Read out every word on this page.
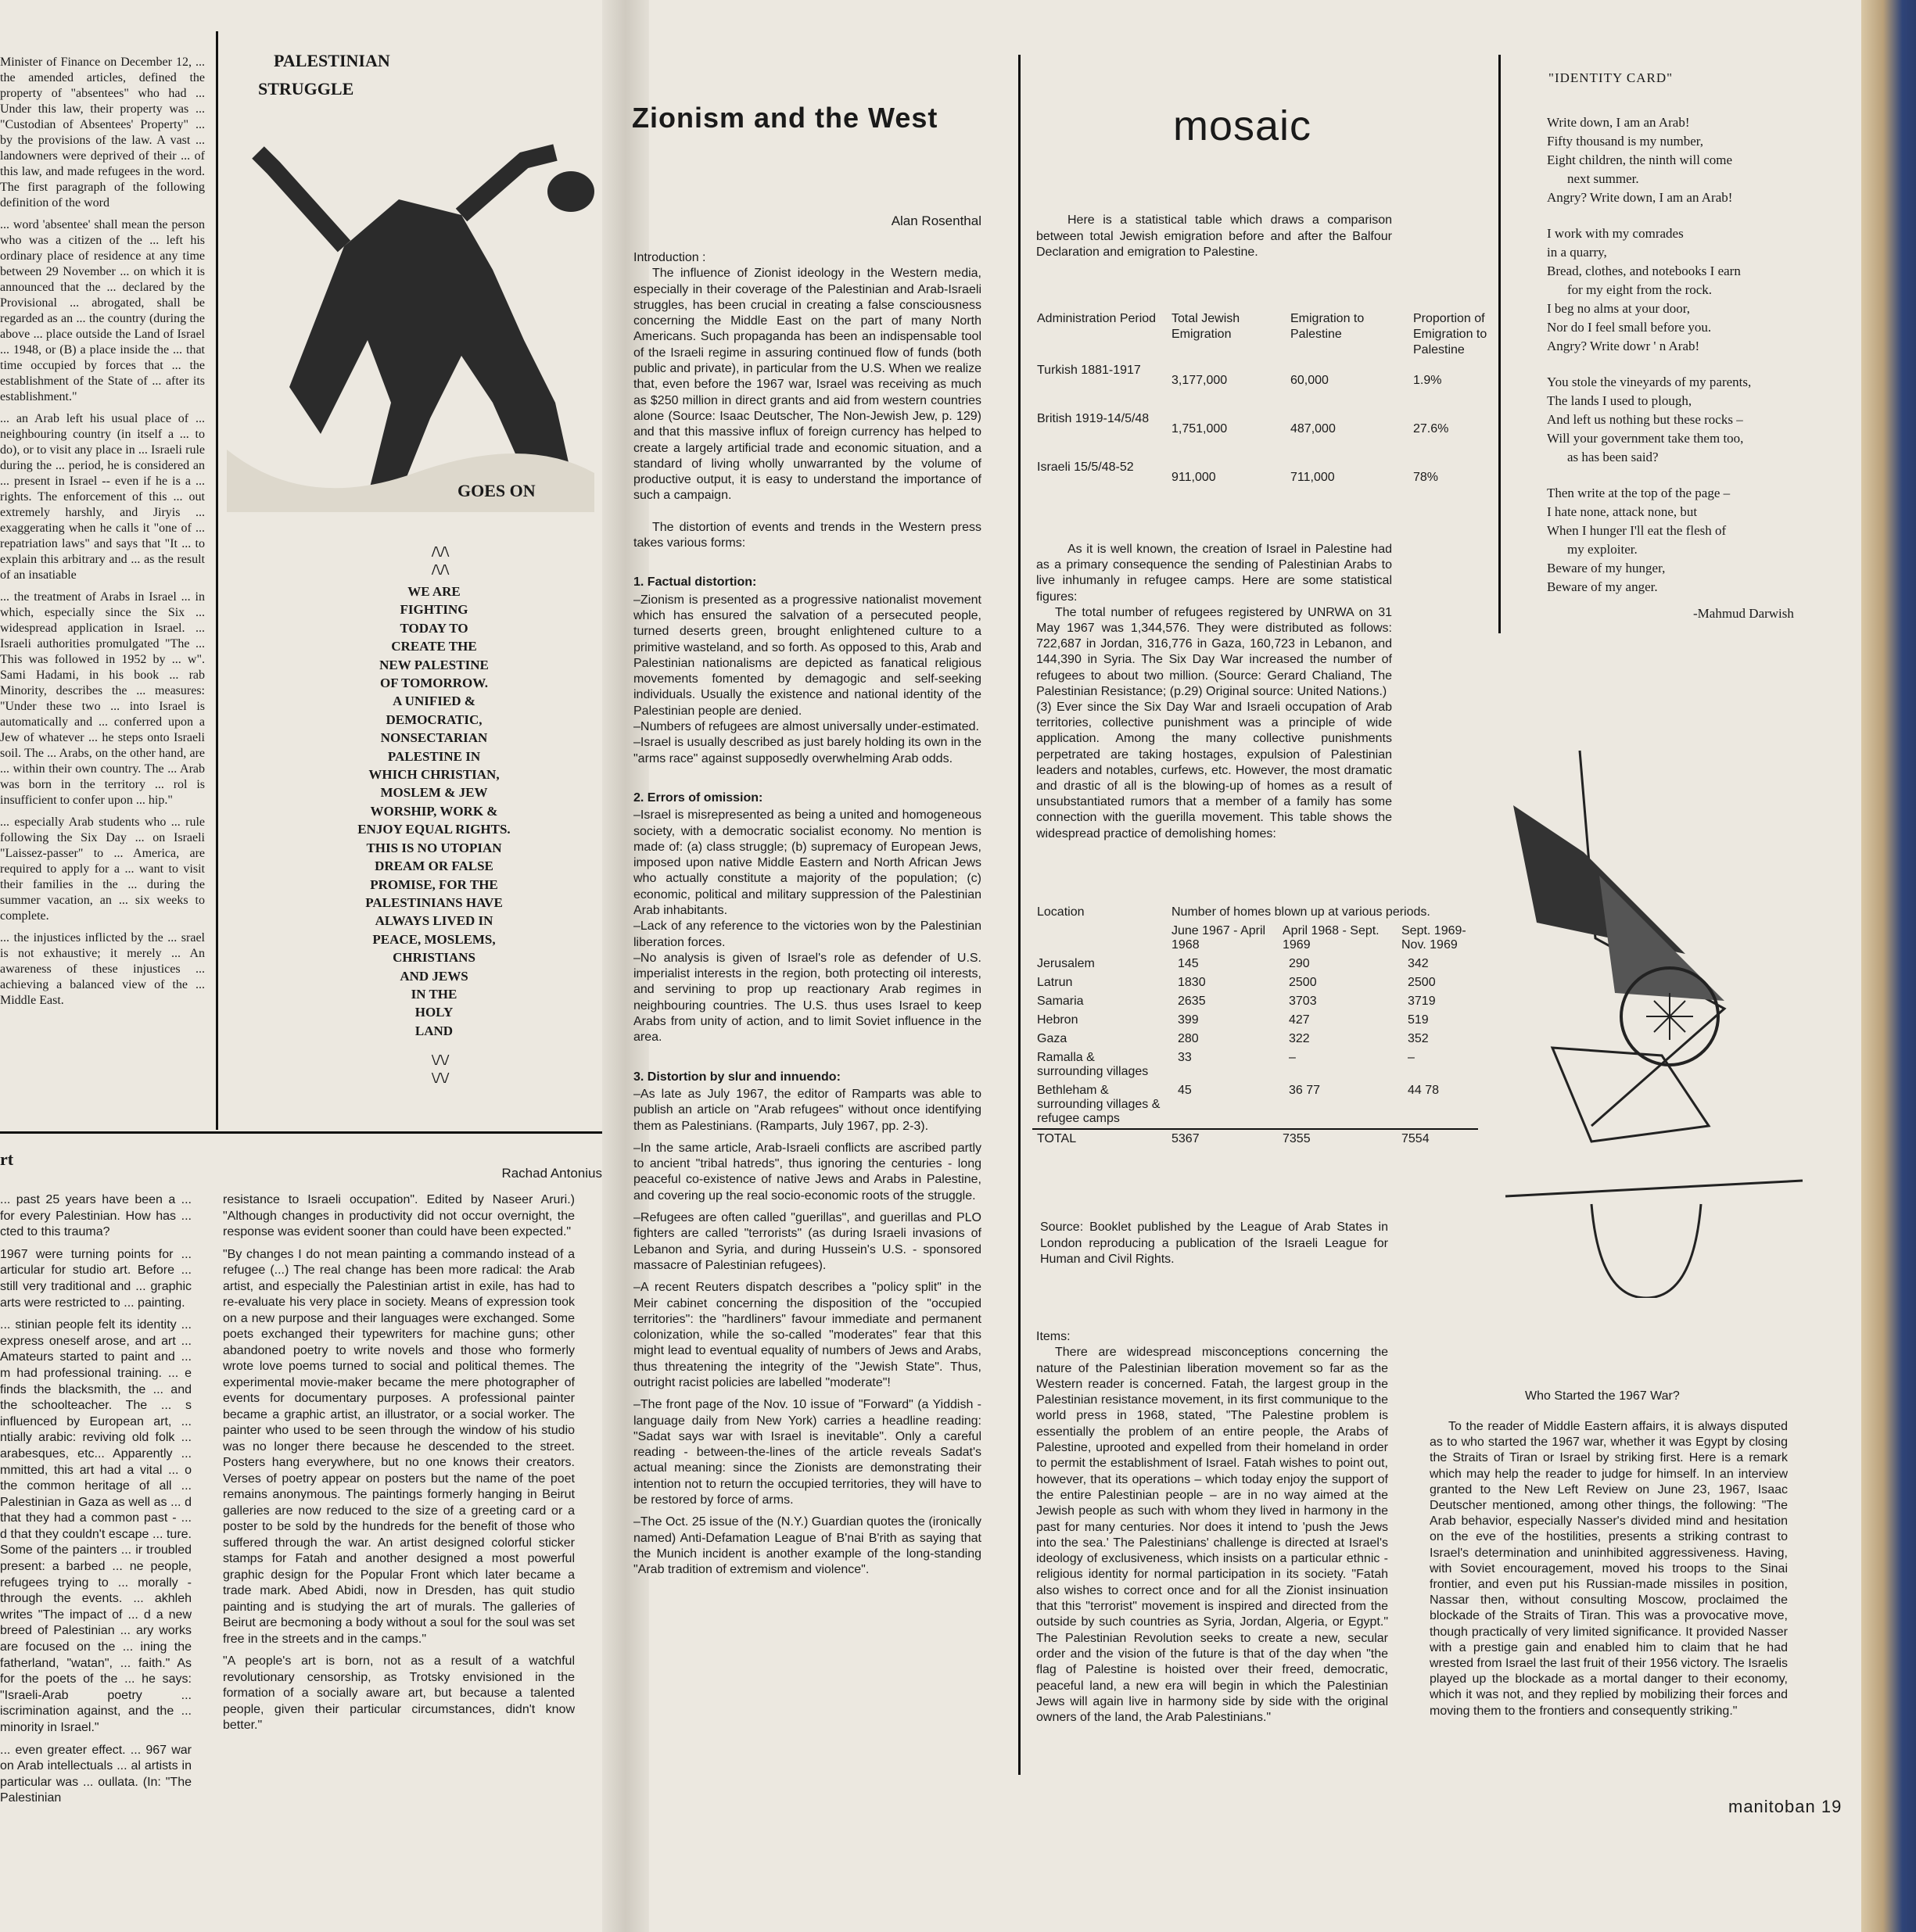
Minister of Finance on December 12, ... the amended articles, defined the property of "absentees" who had ... Under this law, their property was ... "Custodian of Absentees' Property" ... by the provisions of the law. A vast ... landowners were deprived of their ... of this law, and made refugees in the word. The first paragraph of the following definition of the word

... word 'absentee' shall mean the person who was a citizen of the ... left his ordinary place of residence at any time between 29 November ... on which it is announced that the ... declared by the Provisional ... abrogated, shall be regarded as an ... the country (during the above ... place outside the Land of Israel ... 1948, or (B) a place inside the ... that time occupied by forces that ... the establishment of the State of ... after its establishment."

... an Arab left his usual place of ... neighbouring country (in itself a ... to do), or to visit any place in ... Israeli rule during the ... period, he is considered an ... present in Israel -- even if he is a ... rights. The enforcement of this ... out extremely harshly, and Jiryis ... exaggerating when he calls it "one of ... repatriation laws" and says that "It ... to explain this arbitrary and ... as the result of an insatiable

... the treatment of Arabs in Israel ... in which, especially since the Six ... widespread application in Israel. ... Israeli authorities promulgated "The ... This was followed in 1952 by ... w". Sami Hadami, in his book ... rab Minority, describes the ... measures: "Under these two ... into Israel is automatically and ... conferred upon a Jew of whatever ... he steps onto Israeli soil. The ... Arabs, on the other hand, are ... within their own country. The ... Arab was born in the territory ... rol is insufficient to confer upon ... hip."

... especially Arab students who ... rule following the Six Day ... on Israeli "Laissez-passer" to ... America, are required to apply for a ... want to visit their families in the ... during the summer vacation, an ... six weeks to complete.

... the injustices inflicted by the ... srael is not exhaustive; it merely ... An awareness of these injustices ... achieving a balanced view of the ... Middle East.

PALESTINIAN
STRUGGLE
GOES ON
/\/\
/\/\
WE ARE
FIGHTING
TODAY TO
CREATE THE
NEW PALESTINE
OF TOMORROW.
A UNIFIED &
DEMOCRATIC,
NONSECTARIAN
PALESTINE IN
WHICH CHRISTIAN,
MOSLEM & JEW
WORSHIP, WORK &
ENJOY EQUAL RIGHTS.
THIS IS NO UTOPIAN
DREAM OR FALSE
PROMISE, FOR THE
PALESTINIANS HAVE
ALWAYS LIVED IN
PEACE, MOSLEMS,
CHRISTIANS
AND JEWS
IN THE
HOLY
LAND
\/\/
\/\/
rt
Rachad Antonius

... past 25 years have been a ... for every Palestinian. How has ... cted to this trauma?

1967 were turning points for ... articular for studio art. Before ... still very traditional and ... graphic arts were restricted to ... painting.

... stinian people felt its identity ... express oneself arose, and art ... Amateurs started to paint and ... m had professional training. ... e finds the blacksmith, the ... and the schoolteacher. The ... s influenced by European art, ... ntially arabic: reviving old folk ... arabesques, etc... Apparently ... mmitted, this art had a vital ... o the common heritage of all ... Palestinian in Gaza as well as ... d that they had a common past - ... d that they couldn't escape ... ture. Some of the painters ... ir troubled present: a barbed ... ne people, refugees trying to ... morally - through the events. ... akhleh writes "The impact of ... d a new breed of Palestinian ... ary works are focused on the ... ining the fatherland, "watan", ... faith." As for the poets of the ... he says: "Israeli-Arab poetry ... iscrimination against, and the ... minority in Israel."

... even greater effect. ... 967 war on Arab intellectuals ... al artists in particular was ... oullata. (In: "The Palestinian

resistance to Israeli occupation". Edited by Naseer Aruri.) "Although changes in productivity did not occur overnight, the response was evident sooner than could have been expected."

"By changes I do not mean painting a commando instead of a refugee (...) The real change has been more radical: the Arab artist, and especially the Palestinian artist in exile, has had to re-evaluate his very place in society. Means of expression took on a new purpose and their languages were exchanged. Some poets exchanged their typewriters for machine guns; other abandoned poetry to write novels and those who formerly wrote love poems turned to social and political themes. The experimental movie-maker became the mere photographer of events for documentary purposes. A professional painter became a graphic artist, an illustrator, or a social worker. The painter who used to be seen through the window of his studio was no longer there because he descended to the street. Posters hang everywhere, but no one knows their creators. Verses of poetry appear on posters but the name of the poet remains anonymous. The paintings formerly hanging in Beirut galleries are now reduced to the size of a greeting card or a poster to be sold by the hundreds for the benefit of those who suffered through the war. An artist designed colorful sticker stamps for Fatah and another designed a most powerful graphic design for the Popular Front which later became a trade mark. Abed Abidi, now in Dresden, has quit studio painting and is studying the art of murals. The galleries of Beirut are becmoning a body without a soul for the soul was set free in the streets and in the camps."

"A people's art is born, not as a result of a watchful revolutionary censorship, as Trotsky envisioned in the formation of a socially aware art, but because a talented people, given their particular circumstances, didn't know better."

Zionism and the West
Alan Rosenthal
Introduction :

The influence of Zionist ideology in the Western media, especially in their coverage of the Palestinian and Arab-Israeli struggles, has been crucial in creating a false consciousness concerning the Middle East on the part of many North Americans. Such propaganda has been an indispensable tool of the Israeli regime in assuring continued flow of funds (both public and private), in particular from the U.S. When we realize that, even before the 1967 war, Israel was receiving as much as $250 million in direct grants and aid from western countries alone (Source: Isaac Deutscher, The Non-Jewish Jew, p. 129) and that this massive influx of foreign currency has helped to create a largely artificial trade and economic situation, and a standard of living wholly unwarranted by the volume of productive output, it is easy to understand the importance of such a campaign.

The distortion of events and trends in the Western press takes various forms:

1. Factual distortion:

–Zionism is presented as a progressive nationalist movement which has ensured the salvation of a persecuted people, turned deserts green, brought enlightened culture to a primitive wasteland, and so forth. As opposed to this, Arab and Palestinian nationalisms are depicted as fanatical religious movements fomented by demagogic and self-seeking individuals. Usually the existence and national identity of the Palestinian people are denied.

–Numbers of refugees are almost universally under-estimated.

–Israel is usually described as just barely holding its own in the "arms race" against supposedly overwhelming Arab odds.

2. Errors of omission:

–Israel is misrepresented as being a united and homogeneous society, with a democratic socialist economy. No mention is made of: (a) class struggle; (b) supremacy of European Jews, imposed upon native Middle Eastern and North African Jews who actually constitute a majority of the population; (c) economic, political and military suppression of the Palestinian Arab inhabitants.

–Lack of any reference to the victories won by the Palestinian liberation forces.

–No analysis is given of Israel's role as defender of U.S. imperialist interests in the region, both protecting oil interests, and servining to prop up reactionary Arab regimes in neighbouring countries. The U.S. thus uses Israel to keep Arabs from unity of action, and to limit Soviet influence in the area.

3. Distortion by slur and innuendo:

–As late as July 1967, the editor of Ramparts was able to publish an article on "Arab refugees" without once identifying them as Palestinians. (Ramparts, July 1967, pp. 2-3).

–In the same article, Arab-Israeli conflicts are ascribed partly to ancient "tribal hatreds", thus ignoring the centuries - long peaceful co-existence of native Jews and Arabs in Palestine, and covering up the real socio-economic roots of the struggle.

–Refugees are often called "guerillas", and guerillas and PLO fighters are called "terrorists" (as during Israeli invasions of Lebanon and Syria, and during Hussein's U.S. - sponsored massacre of Palestinian refugees).

–A recent Reuters dispatch describes a "policy split" in the Meir cabinet concerning the disposition of the "occupied territories": the "hardliners" favour immediate and permanent colonization, while the so-called "moderates" fear that this might lead to eventual equality of numbers of Jews and Arabs, thus threatening the integrity of the "Jewish State". Thus, outright racist policies are labelled "moderate"!

–The front page of the Nov. 10 issue of "Forward" (a Yiddish - language daily from New York) carries a headline reading: "Sadat says war with Israel is inevitable". Only a careful reading - between-the-lines of the article reveals Sadat's actual meaning: since the Zionists are demonstrating their intention not to return the occupied territories, they will have to be restored by force of arms.

–The Oct. 25 issue of the (N.Y.) Guardian quotes the (ironically named) Anti-Defamation League of B'nai B'rith as saying that the Munich incident is another example of the long-standing "Arab tradition of extremism and violence".

mosaic
Here is a statistical table which draws a comparison between total Jewish emigration before and after the Balfour Declaration and emigration to Palestine.
Administration Period	Total Jewish Emigration	Emigration to Palestine	Proportion of Emigration to Palestine
Turkish 1881-1917	3,177,000	60,000	1.9%
British 1919-14/5/48	1,751,000	487,000	27.6%
Israeli 15/5/48-52	911,000	711,000	78%

As it is well known, the creation of Israel in Palestine had as a primary consequence the sending of Palestinian Arabs to live inhumanly in refugee camps. Here are some statistical figures:

The total number of refugees registered by UNRWA on 31 May 1967 was 1,344,576. They were distributed as follows: 722,687 in Jordan, 316,776 in Gaza, 160,723 in Lebanon, and 144,390 in Syria. The Six Day War increased the number of refugees to about two million. (Source: Gerard Chaliand, The Palestinian Resistance; (p.29) Original source: United Nations.)

(3) Ever since the Six Day War and Israeli occupation of Arab territories, collective punishment was a principle of wide application. Among the many collective punishments perpetrated are taking hostages, expulsion of Palestinian leaders and notables, curfews, etc. However, the most dramatic and drastic of all is the blowing-up of homes as a result of unsubstantiated rumors that a member of a family has some connection with the guerilla movement. This table shows the widespread practice of demolishing homes:

Location	Number of homes blown up at various periods.		
	June 1967 - April 1968	April 1968 - Sept. 1969	Sept. 1969- Nov. 1969
Jerusalem	145	290	342
Latrun	1830	2500	2500
Samaria	2635	3703	3719
Hebron	399	427	519
Gaza	280	322	352
Ramalla & surrounding villages	33	–	–
Bethleham & surrounding villages & refugee camps	45	36 77	44 78
TOTAL	5367	7355	7554
Source: Booklet published by the League of Arab States in London reproducing a publication of the Israeli League for Human and Civil Rights.
Items:

There are widespread misconceptions concerning the nature of the Palestinian liberation movement so far as the Western reader is concerned. Fatah, the largest group in the Palestinian resistance movement, in its first communique to the world press in 1968, stated, "The Palestine problem is essentially the problem of an entire people, the Arabs of Palestine, uprooted and expelled from their homeland in order to permit the establishment of Israel. Fatah wishes to point out, however, that its operations – which today enjoy the support of the entire Palestinian people – are in no way aimed at the Jewish people as such with whom they lived in harmony in the past for many centuries. Nor does it intend to 'push the Jews into the sea.' The Palestinians' challenge is directed at Israel's ideology of exclusiveness, which insists on a particular ethnic - religious identity for normal participation in its society. "Fatah also wishes to correct once and for all the Zionist insinuation that this "terrorist" movement is inspired and directed from the outside by such countries as Syria, Jordan, Algeria, or Egypt." The Palestinian Revolution seeks to create a new, secular order and the vision of the future is that of the day when "the flag of Palestine is hoisted over their freed, democratic, peaceful land, a new era will begin in which the Palestinian Jews will again live in harmony side by side with the original owners of the land, the Arab Palestinians."

"IDENTITY CARD"

Write down, I am an Arab!

Fifty thousand is my number,

Eight children, the ninth will come

next summer.

Angry? Write down, I am an Arab!

I work with my comrades

in a quarry,

Bread, clothes, and notebooks I earn

for my eight from the rock.

I beg no alms at your door,

Nor do I feel small before you.

Angry? Write dowr ' n Arab!

You stole the vineyards of my parents,

The lands I used to plough,

And left us nothing but these rocks –

Will your government take them too,

as has been said?

Then write at the top of the page –

I hate none, attack none, but

When I hunger I'll eat the flesh of

my exploiter.

Beware of my hunger,

Beware of my anger.

-Mahmud Darwish
Who Started the 1967 War?
To the reader of Middle Eastern affairs, it is always disputed as to who started the 1967 war, whether it was Egypt by closing the Straits of Tiran or Israel by striking first. Here is a remark which may help the reader to judge for himself. In an interview granted to the New Left Review on June 23, 1967, Isaac Deutscher mentioned, among other things, the following: "The Arab behavior, especially Nasser's divided mind and hesitation on the eve of the hostilities, presents a striking contrast to Israel's determination and uninhibited aggressiveness. Having, with Soviet encouragement, moved his troops to the Sinai frontier, and even put his Russian-made missiles in position, Nassar then, without consulting Moscow, proclaimed the blockade of the Straits of Tiran. This was a provocative move, though practically of very limited significance. It provided Nasser with a prestige gain and enabled him to claim that he had wrested from Israel the last fruit of their 1956 victory. The Israelis played up the blockade as a mortal danger to their economy, which it was not, and they replied by mobilizing their forces and moving them to the frontiers and consequently striking."
manitoban 19
